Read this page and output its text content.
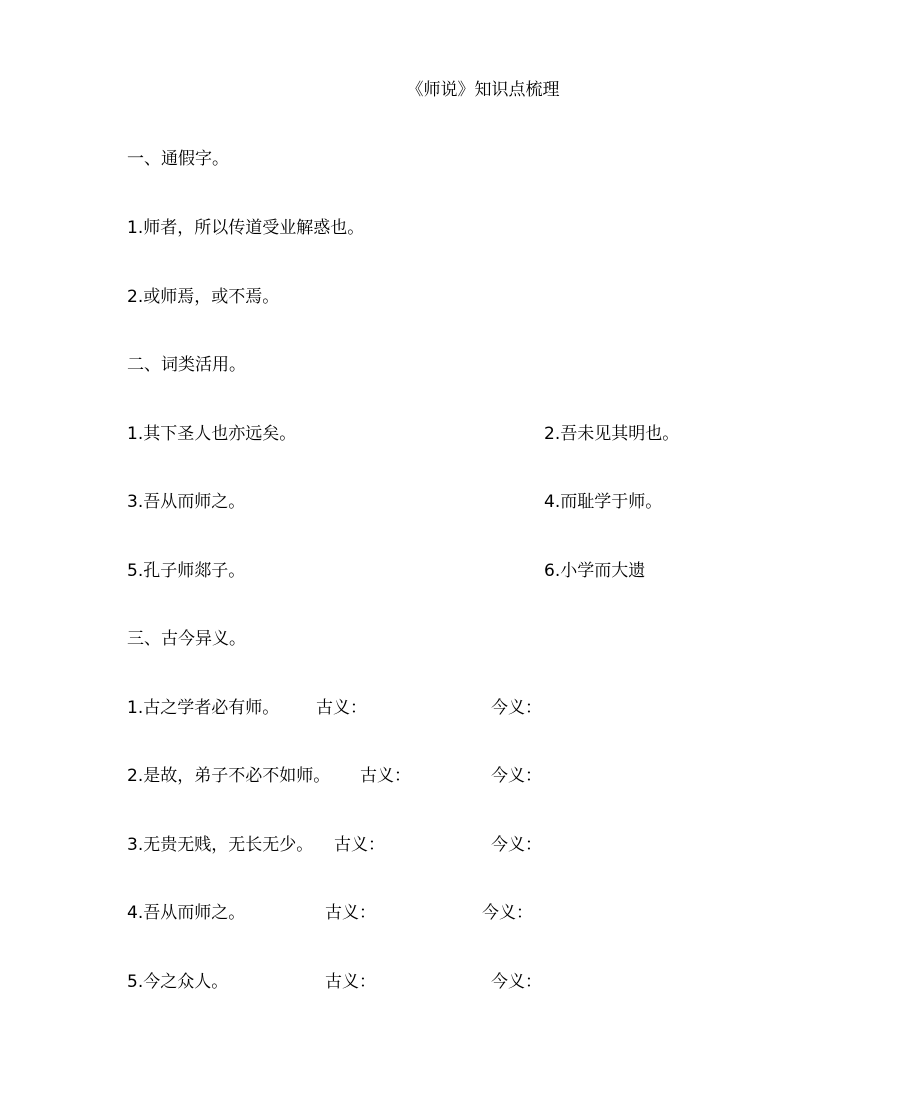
《师说》知识点梳理
一、通假字。
1.师者，所以传道受业解惑也。
2.或师焉，或不焉。
二、词类活用。
1.其下圣人也亦远矣。	2.吾未见其明也。
3.吾从而师之。	4.而耻学于师。
5.孔子师郯子。	6.小学而大遗
三、古今异义。
1.古之学者必有师。 古义：	今义：
2.是故，弟子不必不如师。 古义：	今义：
3.无贵无贱，无长无少。 古义：	今义：
4.吾从而师之。	古义：	今义：
5.今之众人。	古义：	今义：
